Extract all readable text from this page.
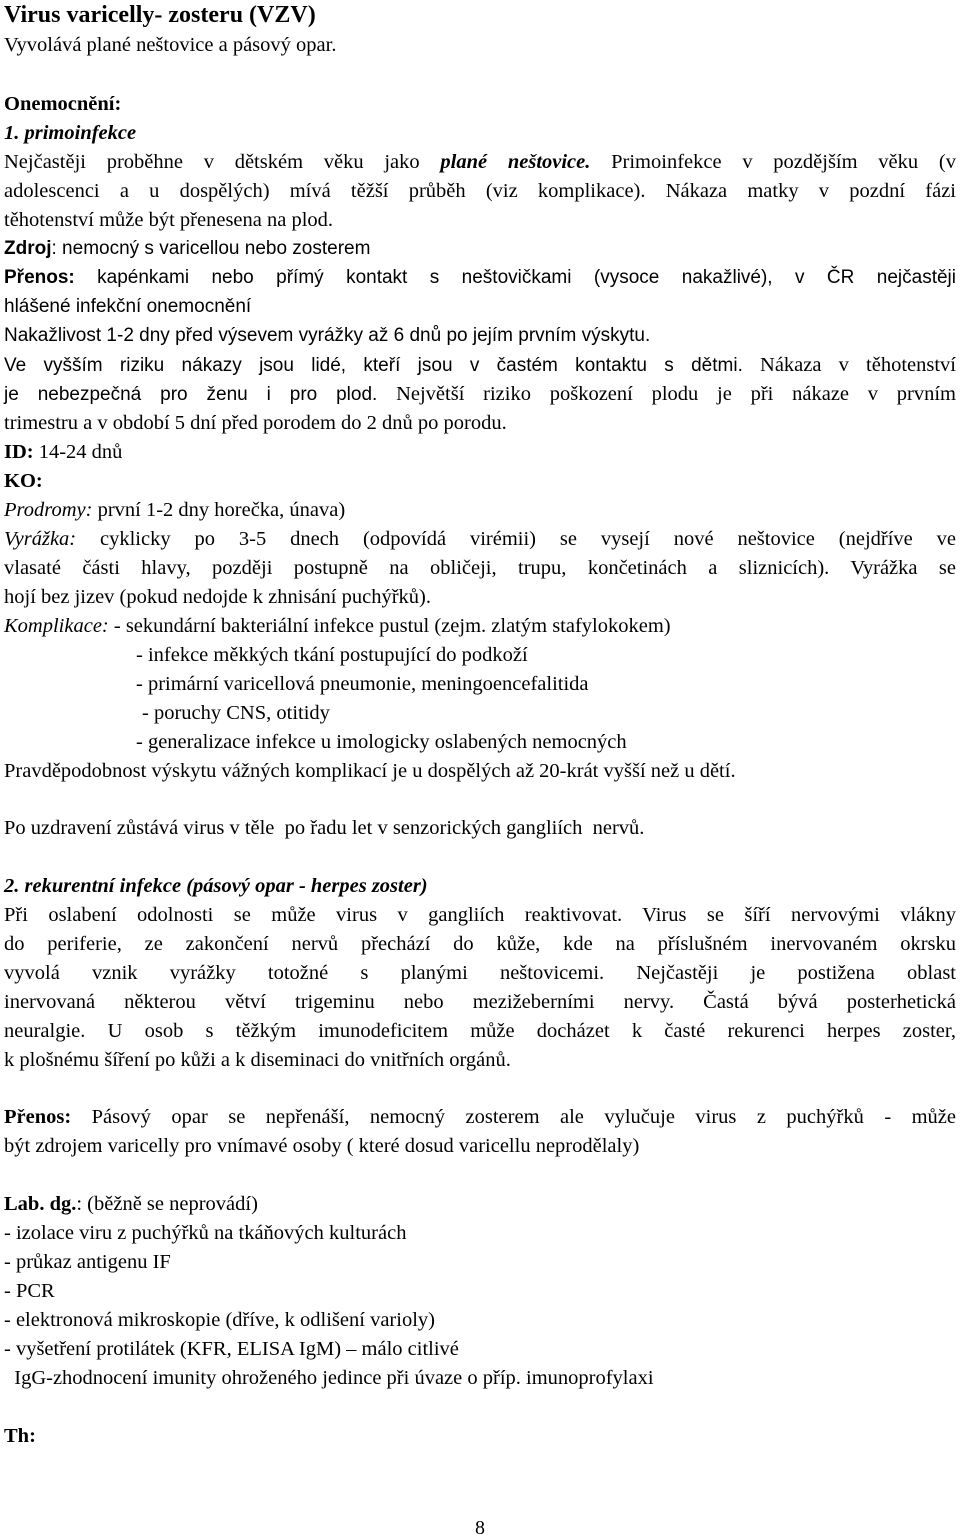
Virus varicelly- zosteru (VZV)
Vyvolává plané neštovice a pásový opar.
Onemocnění:
1. primoinfekce
Nejčastěji proběhne v dětském věku jako plané neštovice. Primoinfekce v pozdějším věku (v
adolescenci a u dospělých) mívá těžší průběh (viz komplikace). Nákaza matky v pozdní fázi
těhotenství může být přenesena na plod.
Zdroj: nemocný s varicellou nebo zosterem
Přenos: kapénkami nebo přímý kontakt s neštovičkami (vysoce nakažlivé), v ČR nejčastěji
hlášené infekční onemocnění
Nakažlivost 1-2 dny před výsevem vyrážky až 6 dnů po jejím prvním výskytu.
Ve vyšším riziku nákazy jsou lidé, kteří jsou v častém kontaktu s dětmi. Nákaza v těhotenství
je nebezpečná pro ženu i pro plod. Největší riziko poškození plodu je při nákaze v prvním
trimestru a v období 5 dní před porodem do 2 dnů po porodu.
ID: 14-24 dnů
KO:
Prodromy: první 1-2 dny horečka, únava)
Vyrážka: cyklicky po 3-5 dnech (odpovídá virémii) se vysejí nové neštovice (nejdříve ve
vlasaté části hlavy, později postupně na obličeji, trupu, končetinách a sliznicích). Vyrážka se
hojí bez jizev (pokud nedojde k zhnisání puchýřků).
Komplikace: - sekundární bakteriální infekce pustul (zejm. zlatým stafylokokem)
- infekce měkkých tkání postupující do podkoží
- primární varicellová pneumonie, meningoencefalitida
- poruchy CNS, otitidy
- generalizace infekce u imologicky oslabených nemocných
Pravděpodobnost výskytu vážných komplikací je u dospělých až 20-krát vyšší než u dětí.
Po uzdravení zůstává virus v těle  po řadu let v senzorických gangliích  nervů.
2. rekurentní infekce (pásový opar - herpes zoster)
Při oslabení odolnosti se může virus v gangliích reaktivovat. Virus se šíří nervovými vlákny
do periferie, ze zakončení nervů přechází do kůže, kde na příslušném inervovaném okrsku
vyvolá vznik vyrážky totožné s planými neštovicemi. Nejčastěji je postižena oblast
inervovaná některou větví trigeminu nebo mezižeberními nervy. Častá bývá posterhetická
neuralgie. U osob s těžkým imunodeficitem může docházet k časté rekurenci herpes zoster,
k plošnému šíření po kůži a k diseminaci do vnitřních orgánů.
Přenos: Pásový opar se nepřenáší, nemocný zosterem ale vylučuje virus z puchýřků - může
být zdrojem varicelly pro vnímavé osoby ( které dosud varicellu neprodělaly)
Lab. dg.: (běžně se neprovádí)
- izolace viru z puchýřků na tkáňových kulturách
- průkaz antigenu IF
- PCR
- elektronová mikroskopie (dříve, k odlišení varioly)
- vyšetření protilátek (KFR, ELISA IgM) – málo citlivé
IgG-zhodnocení imunity ohroženého jedince při úvaze o příp. imunoprofylaxi
Th:
8
